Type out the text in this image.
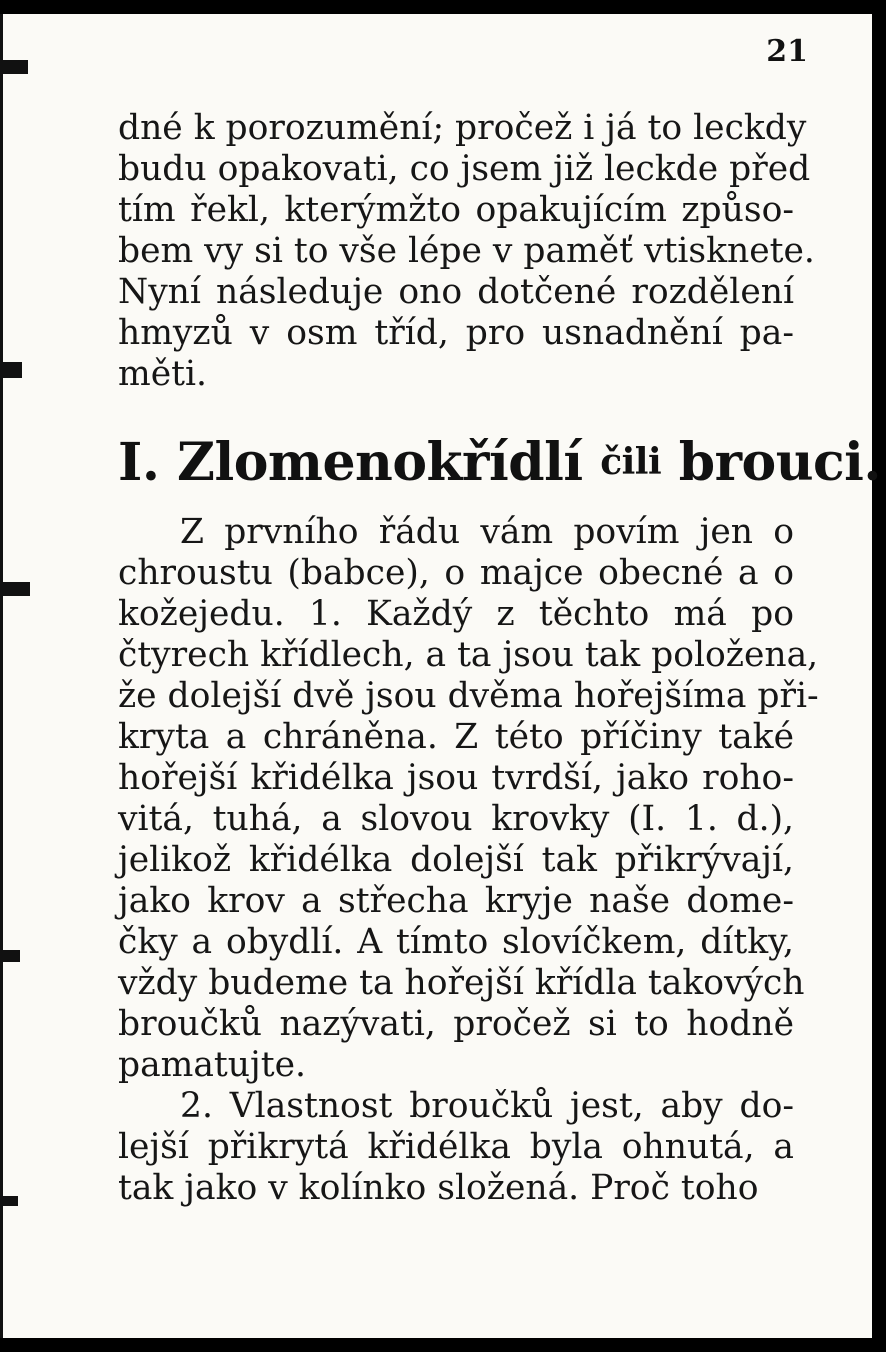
21
dné k porozumění; pročež i já to leckdy
budu opakovati, co jsem již leckde před
tím řekl, kterýmžto opakujícím způso-
bem vy si to vše lépe v paměť vtisknete.
Nyní následuje ono dotčené rozdělení
hmyzů v osm tříd, pro usnadnění pa-
měti.
I. Zlomenokřídlí čili brouci.
Z prvního řádu vám povím jen o
chroustu (babce), o majce obecné a o
kožejedu. 1. Každý z těchto má po
čtyrech křídlech, a ta jsou tak položena,
že dolejší dvě jsou dvěma hořejšíma při-
kryta a chráněna. Z této příčiny také
hořejší křidélka jsou tvrdší, jako roho-
vitá, tuhá, a slovou krovky (I. 1. d.),
jelikož křidélka dolejší tak přikrývají,
jako krov a střecha kryje naše dome-
čky a obydlí. A tímto slovíčkem, dítky,
vždy budeme ta hořejší křídla takových
broučků nazývati, pročež si to hodně
pamatujte.
2. Vlastnost broučků jest, aby do-
lejší přikrytá křidélka byla ohnutá, a
tak jako v kolínko složená. Proč toho
